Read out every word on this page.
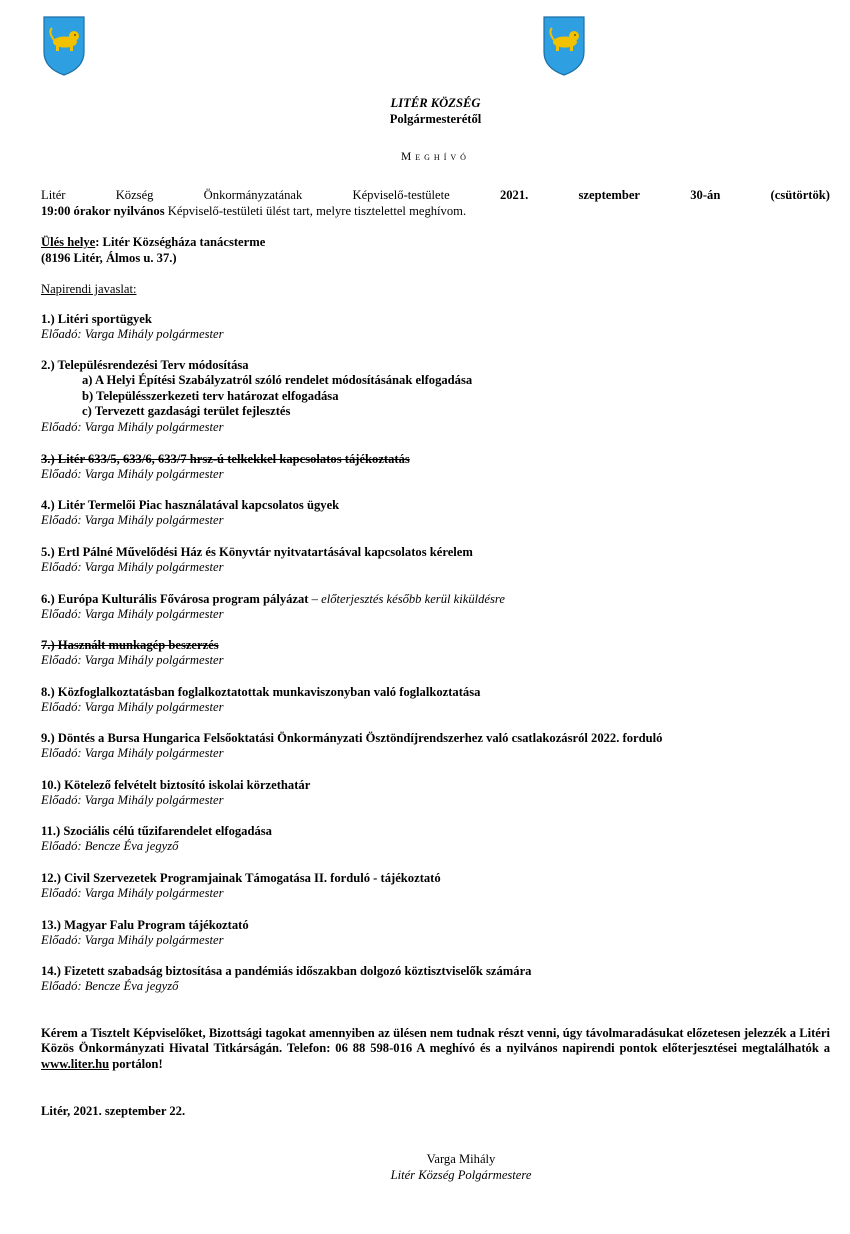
LITÉR KÖZSÉG
Polgármesterétől
Meghívó
Litér	Község	Önkormányzatának	Képviselő-testülete	2021.	szeptember	30-án	(csütörtök)
19:00 órakor nyilvános Képviselő-testületi ülést tart, melyre tisztelettel meghívom.
Ülés helye: Litér Községháza tanácsterme
(8196 Litér, Álmos u. 37.)
Napirendi javaslat:
1.) Litéri sportügyek
Előadó: Varga Mihály polgármester
2.) Településrendezési Terv módosítása
a) A Helyi Építési Szabályzatról szóló rendelet módosításának elfogadása
b) Településszerkezeti terv határozat elfogadása
c) Tervezett gazdasági terület fejlesztés
Előadó: Varga Mihály polgármester
3.) Litér 633/5, 633/6, 633/7 hrsz-ú telkekkel kapcsolatos tájékoztatás
Előadó: Varga Mihály polgármester
4.) Litér Termelői Piac használatával kapcsolatos ügyek
Előadó: Varga Mihály polgármester
5.) Ertl Pálné Művelődési Ház és Könyvtár nyitvatartásával kapcsolatos kérelem
Előadó: Varga Mihály polgármester
6.) Európa Kulturális Fővárosa program pályázat – előterjesztés később kerül kiküldésre
Előadó: Varga Mihály polgármester
7.) Használt munkagép beszerzés
Előadó: Varga Mihály polgármester
8.) Közfoglalkoztatásban foglalkoztatottak munkaviszonyban való foglalkoztatása
Előadó: Varga Mihály polgármester
9.) Döntés a Bursa Hungarica Felsőoktatási Önkormányzati Ösztöndíjrendszerhez való csatlakozásról 2022. forduló
Előadó: Varga Mihály polgármester
10.) Kötelező felvételt biztosító iskolai körzethatár
Előadó: Varga Mihály polgármester
11.) Szociális célú tűzifarendelet elfogadása
Előadó: Bencze Éva jegyző
12.) Civil Szervezetek Programjainak Támogatása II. forduló - tájékoztató
Előadó: Varga Mihály polgármester
13.) Magyar Falu Program tájékoztató
Előadó: Varga Mihály polgármester
14.) Fizetett szabadság biztosítása a pandémiás időszakban dolgozó köztisztviselők számára
Előadó: Bencze Éva jegyző
Kérem a Tisztelt Képviselőket, Bizottsági tagokat amennyiben az ülésen nem tudnak részt venni, úgy távolmaradásukat előzetesen jelezzék a Litéri Közös Önkormányzati Hivatal Titkárságán. Telefon: 06 88 598-016 A meghívó és a nyilvános napirendi pontok előterjesztései megtalálhatók a www.liter.hu portálon!
Litér, 2021. szeptember 22.
Varga Mihály
Litér Község Polgármestere
